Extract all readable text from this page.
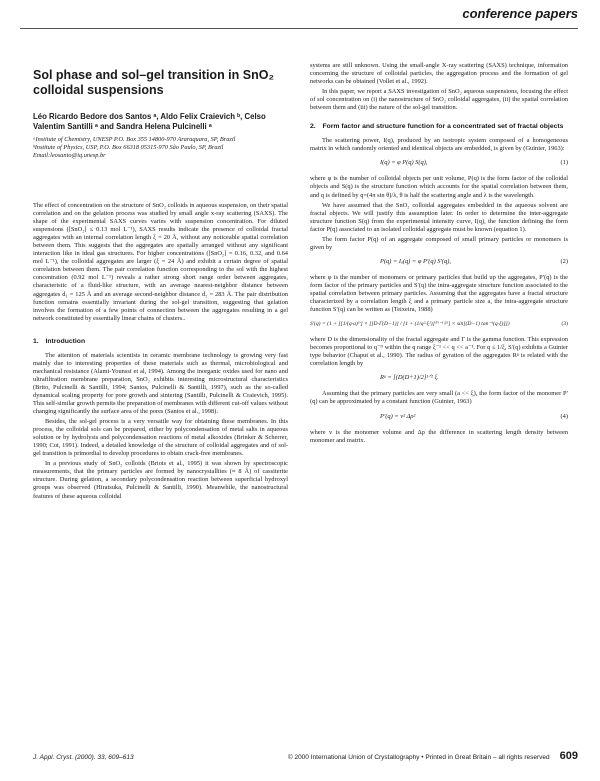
conference papers
Sol phase and sol–gel transition in SnO₂ colloidal suspensions
Léo Ricardo Bedore dos Santos ᵃ, Aldo Felix Craievich ᵇ, Celso Valentim Santilli ᵃ and Sandra Helena Pulcinelli ᵃ
ᵃInstitute of Chemistry, UNESP P.O. Box 355 14800-970 Araraquara, SP, Brazil
ᵇInstitute of Physics, USP, P.O. Box 66318 05315-970 São Paulo, SP, Brazil
Email:leosanto@iq.unesp.br

The effect of concentration on the structure of SnO₂ colloids in aqueous suspension, on their spatial correlation and on the gelation process was studied by small angle x-ray scattering (SAXS). The shape of the experimental SAXS curves varies with suspension concentration. For diluted suspensions ([SnO₂] ≤ 0.13 mol L⁻¹), SAXS results indicate the presence of colloidal fractal aggregates with an internal correlation length ξ = 20 Å, without any noticeable spatial correlation between them. This suggests that the aggregates are spatially arranged without any significant interaction like in ideal gas structures. For higher concentrations ([SnO₂] = 0.16, 0.32, and 0.64 mol L⁻¹), the colloidal aggregates are larger (ξ = 24 Å) and exhibit a certain degree of spatial correlation between them. The pair correlation function corresponding to the sol with the highest concentration (0.92 mol L⁻¹) reveals a rather strong short range order between aggregates, characteristic of a fluid-like structure, with an average nearest-neighbor distance between aggregates d₁ = 125 Å and an average second-neighbor distance d₂ = 283 Å. The pair distribution function remains essentially invariant during the sol-gel transition, suggesting that gelation involves the formation of a few points of connection between the aggregates resulting in a gel network constituted by essentially linear chains of clusters..

1. Introduction

The attention of materials scientists in ceramic membrane technology is growing very fast mainly due to interesting properties of these materials such as thermal, microbiological and mechanical resistance (Alami-Younssi et al, 1994). Among the inorganic oxides used for nano and ultrafiltration membrane preparation, SnO₂ exhibits interesting microstructural characteristics (Brito, Pulcinelli & Santilli, 1994; Santos, Pulcinelli & Santilli, 1997), such as the so-called dynamical scaling property for pore growth and sintering (Santilli, Pulcinelli & Craievich, 1995). This self-similar growth permits the preparation of membranes with different cut-off values without changing significantly the surface area of the pores (Santos et al., 1998).

Besides, the sol-gel process is a very versatile way for obtaining these membranes. In this process, the colloidal sols can be prepared, either by polycondensation of metal salts in aqueous solution or by hydrolysis and polycondensation reactions of metal alkoxides (Brinker & Scherrer, 1990; Cot, 1991). Indeed, a detailed knowledge of the structure of colloidal aggregates and of sol-gel transition is primordial to develop procedures to obtain crack-free membranes.

In a previous study of SnO₂ colloids (Briois et al., 1995) it was shown by spectroscopic measurements, that the primary particles are formed by nanocrystallites (≈ 8 Å) of cassiterite structure. During gelation, a secondary polycondensation reaction between superficial hydroxyl groups was observed (Hiratsuka, Pulcinelli & Santilli, 1990). Meanwhile, the nanostructural features of these aqueous colloidal

systems are still unknown. Using the small-angle X-ray scattering (SAXS) technique, information concerning the structure of colloidal particles, the aggregation process and the formation of gel networks can be obtained (Vollet et al., 1992).

In this paper, we report a SAXS investigation of SnO₂ aqueous suspensions, focusing the effect of sol concentration on (i) the nanostructure of SnO₂ colloidal aggregates, (ii) the spatial correlation between them and (iii) the nature of the sol-gel transition.

2. Form factor and structure function for a concentrated set of fractal objects

The scattering power, I(q), produced by an isotropic system composed of a homogeneous matrix in which randomly oriented and identical objects are embedded, is given by (Guinier, 1963):

I(q) = φ P(q) S(q),	(1)

where φ is the number of colloidal objects per unit volume, P(q) is the form factor of the colloidal objects and S(q) is the structure function which accounts for the spatial correlation between them, and q is defined by q=(4π sin θ)/λ, θ is half the scattering angle and λ is the wavelength.

We have assumed that the SnO₂ colloidal aggregates embedded in the aqueous solvent are fractal objects. We will justify this assumption later. In order to determine the inter-aggregate structure function S(q) from the experimental intensity curve, I(q), the function defining the form factor P(q) associated to an isolated colloidal aggregate must be known (equation 1).

The form factor P(q) of an aggregate composed of small primary particles or monomers is given by

P(q) = Iₐ(q) = φ P′(q) S′(q),	(2)

where φ is the number of monomers or primary particles that build up the aggregates, P′(q) is the form factor of the primary particles and S′(q) the intra-aggregate structure function associated to the spatial correlation between primary particles. Assuming that the aggregates have a fractal structure characterized by a correlation length ξ and a primary particle size a, the intra-aggregate structure function S′(q) can be written as (Teixeira, 1988)

S′(q) = (1 + [[1/(q·a)ᴰ] × [[D·Γ(D−1)] / [1 + (1/q²·ξ²)]⁽ᴰ⁻¹⁾/²] × sin[(D−1) tan⁻¹(q·ξ)]])	(3)

where D is the dimensionality of the fractal aggregate and Γ is the gamma function. This expression becomes proportional to q⁻ᴰ within the q range ξ⁻¹ << q << a⁻¹. For q ≤ 1/ξ, S′(q) exhibits a Guinier type behavior (Chaput et al., 1990). The radius of gyration of the aggregates Rᵍ is related with the correlation length by

Rᵍ = [(D(D+1)/2]¹ᐟ² ξ.

Assuming that the primary particles are very small (a << ξ), the form factor of the monomer P′(q) can be approximated by a constant function (Guinier, 1963)

P′(q) = v² Δρ²	(4)

where v is the monomer volume and Δρ the difference in scattering length density between monomer and matrix.

J. Appl. Cryst. (2000). 33, 609–613	© 2000 International Union of Crystallography • Printed in Great Britain – all rights reserved 609
